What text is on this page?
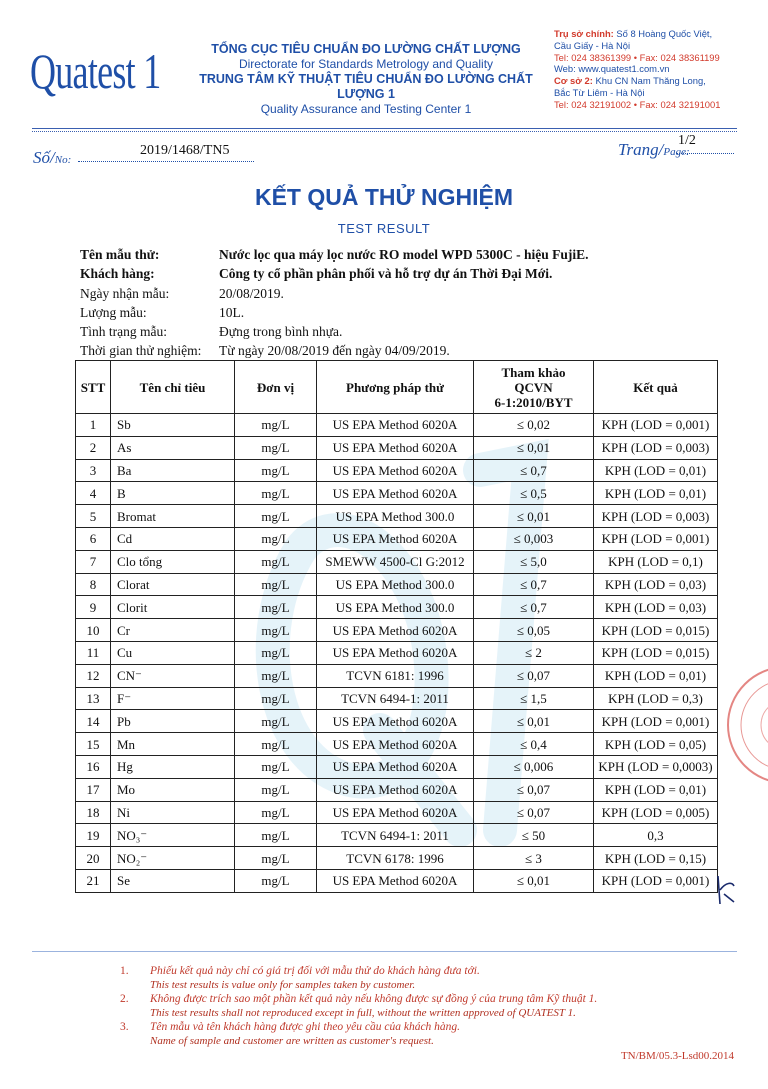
Quatest 1	TỔNG CỤC TIÊU CHUẨN ĐO LƯỜNG CHẤT LƯỢNG
Directorate for Standards Metrology and Quality
TRUNG TÂM KỸ THUẬT TIÊU CHUẨN ĐO LƯỜNG CHẤT LƯỢNG 1
Quality Assurance and Testing Center 1
Trụ sở chính: Số 8 Hoàng Quốc Việt,
Cầu Giấy - Hà Nội
Tel: 024 38361399 • Fax: 024 38361199
Web: www.quatest1.com.vn
Cơ sở 2: Khu CN Nam Thăng Long,
Bắc Từ Liêm - Hà Nội
Tel: 024 32191002 • Fax: 024 32191001
Số/No:
2019/1468/TN5	Trang/Page:
1/2
KẾT QUẢ THỬ NGHIỆM
TEST RESULT
Tên mẫu thử:	Nước lọc qua máy lọc nước RO model WPD 5300C - hiệu FujiE.
Khách hàng:	Công ty cổ phần phân phối và hỗ trợ dự án Thời Đại Mới.
Ngày nhận mẫu:	20/08/2019.
Lượng mẫu:	10L.
Tình trạng mẫu:	Đựng trong bình nhựa.
Thời gian thử nghiệm: Từ ngày 20/08/2019 đến ngày 04/09/2019.
STT	Tên chỉ tiêu	Đơn vị	Phương pháp thử	Tham khảo
QCVN
6-1:2010/BYT	Kết quả
1	Sb	mg/L	US EPA Method 6020A	≤ 0,02	KPH (LOD = 0,001)
2	As	mg/L	US EPA Method 6020A	≤ 0,01	KPH (LOD = 0,003)
3	Ba	mg/L	US EPA Method 6020A	≤ 0,7	KPH (LOD = 0,01)
4	B	mg/L	US EPA Method 6020A	≤ 0,5	KPH (LOD = 0,01)
5	Bromat	mg/L	US EPA Method 300.0	≤ 0,01	KPH (LOD = 0,003)
6	Cd	mg/L	US EPA Method 6020A	≤ 0,003	KPH (LOD = 0,001)
7	Clo tổng	mg/L	SMEWW 4500-Cl G:2012	≤ 5,0	KPH (LOD = 0,1)
8	Clorat	mg/L	US EPA Method 300.0	≤ 0,7	KPH (LOD = 0,03)
9	Clorit	mg/L	US EPA Method 300.0	≤ 0,7	KPH (LOD = 0,03)
10	Cr	mg/L	US EPA Method 6020A	≤ 0,05	KPH (LOD = 0,015)
11	Cu	mg/L	US EPA Method 6020A	≤ 2	KPH (LOD = 0,015)
12	CN⁻	mg/L	TCVN 6181: 1996	≤ 0,07	KPH (LOD = 0,01)
13	F⁻	mg/L	TCVN 6494-1: 2011	≤ 1,5	KPH (LOD = 0,3)
14	Pb	mg/L	US EPA Method 6020A	≤ 0,01	KPH (LOD = 0,001)
15	Mn	mg/L	US EPA Method 6020A	≤ 0,4	KPH (LOD = 0,05)
16	Hg	mg/L	US EPA Method 6020A	≤ 0,006	KPH (LOD = 0,0003)
17	Mo	mg/L	US EPA Method 6020A	≤ 0,07	KPH (LOD = 0,01)
18	Ni	mg/L	US EPA Method 6020A	≤ 0,07	KPH (LOD = 0,005)
19	NO₃⁻	mg/L	TCVN 6494-1: 2011	≤ 50	0,3
20	NO₂⁻	mg/L	TCVN 6178: 1996	≤ 3	KPH (LOD = 0,15)
21	Se	mg/L	US EPA Method 6020A	≤ 0,01	KPH (LOD = 0,001)
1. Phiếu kết quả này chỉ có giá trị đối với mẫu thử do khách hàng đưa tới.
This test results is value only for samples taken by customer.
2. Không được trích sao một phần kết quả này nếu không được sự đồng ý của trung tâm Kỹ thuật 1.
This test results shall not reproduced except in full, without the written approved of QUATEST 1.
3. Tên mẫu và tên khách hàng được ghi theo yêu cầu của khách hàng.
Name of sample and customer are written as customer's request.
TN/BM/05.3-Lsd00.2014
